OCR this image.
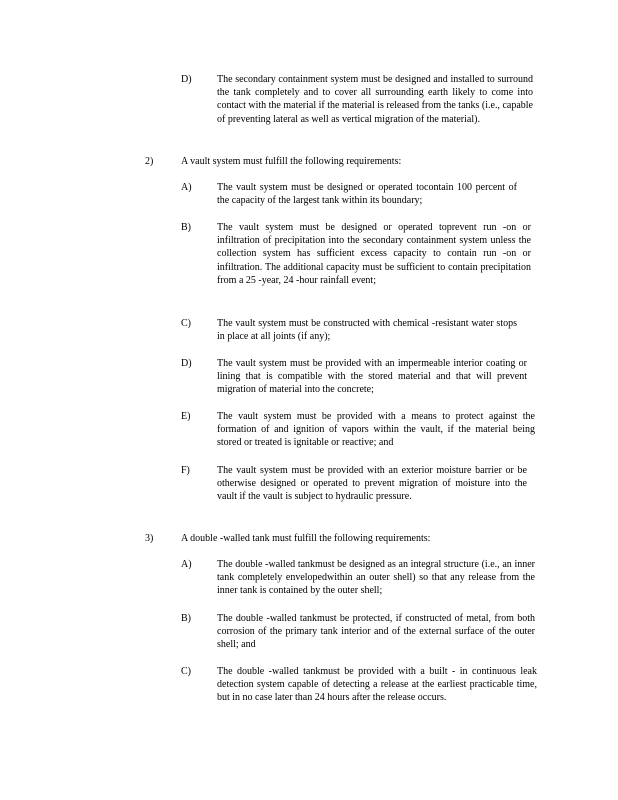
D)	The secondary containment system must be designed and installed to surround the tank completely and to cover all surrounding earth likely to come into contact with the material if the material is released from the tanks (i.e., capable of preventing lateral as well as vertical migration of the material).
2)	A vault system must fulfill the following requirements:
A)	The vault system must be designed or operated tocontain 100 percent of the capacity of the largest tank within its boundary;
B)	The vault system must be designed or operated toprevent run -on or infiltration of precipitation into the secondary containment system unless the collection system has sufficient excess capacity to contain run -on or infiltration. The additional capacity must be sufficient to contain precipitation from a 25 -year, 24 -hour rainfall event;
C)	The vault system must be constructed with chemical -resistant water stops in place at all joints (if any);
D)	The vault system must be provided with an impermeable interior coating or lining that is compatible with the stored material and that will prevent migration of material into the concrete;
E)	The vault system must be provided with a means to protect against the formation of and ignition of vapors within the vault, if the material being stored or treated is ignitable or reactive; and
F)	The vault system must be provided with an exterior moisture barrier or be otherwise designed or operated to prevent migration of moisture into the vault if the vault is subject to hydraulic pressure.
3)	A double -walled tank must fulfill the following requirements:
A)	The double -walled tankmust be designed as an integral structure (i.e., an inner tank completely envelopedwithin an outer shell) so that any release from the inner tank is contained by the outer shell;
B)	The double -walled tankmust be protected, if constructed of metal, from both corrosion of the primary tank interior and of the external surface of the outer shell; and
C)	The double -walled tankmust be provided with a built - in continuous leak detection system capable of detecting a release at the earliest practicable time, but in no case later than 24 hours after the release occurs.
